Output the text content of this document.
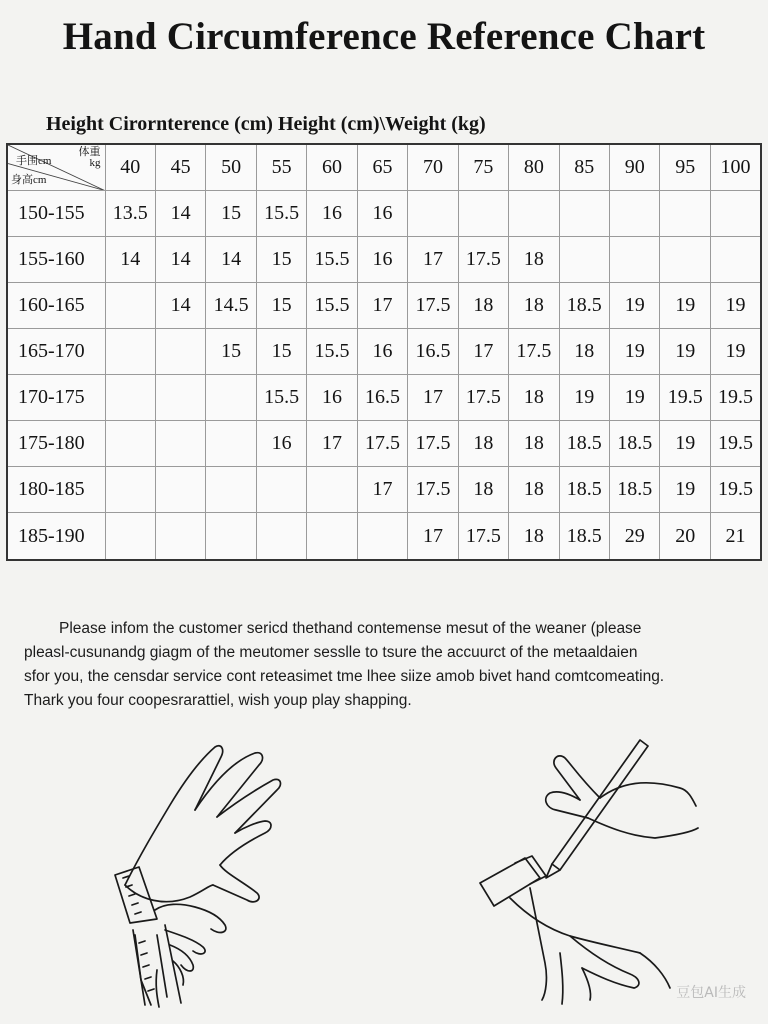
Hand Circumference Reference Chart
Height Cirornterence (cm) Height (cm)\Weight (kg)
体重
kg
手围cm
身高cm	40	45	50	55	60	65	70	75	80	85	90	95	100
150-155	13.5	14	15	15.5	16	16							
155-160	14	14	14	15	15.5	16	17	17.5	18				
160-165		14	14.5	15	15.5	17	17.5	18	18	18.5	19	19	19
165-170			15	15	15.5	16	16.5	17	17.5	18	19	19	19
170-175				15.5	16	16.5	17	17.5	18	19	19	19.5	19.5
175-180				16	17	17.5	17.5	18	18	18.5	18.5	19	19.5
180-185						17	17.5	18	18	18.5	18.5	19	19.5
185-190							17	17.5	18	18.5	29	20	21
Please infom the customer sericd thethand contemense mesut of the weaner (please
pleasl-cusunandg giagm of the meutomer sesslle to tsure the accuurct of the metaaldaien
sfor you, the censdar service cont reteasimet tme lhee siize amob bivet hand comtcomeating.
Thark you four coopesrarattiel, wish youp play shapping.
豆包AI生成
